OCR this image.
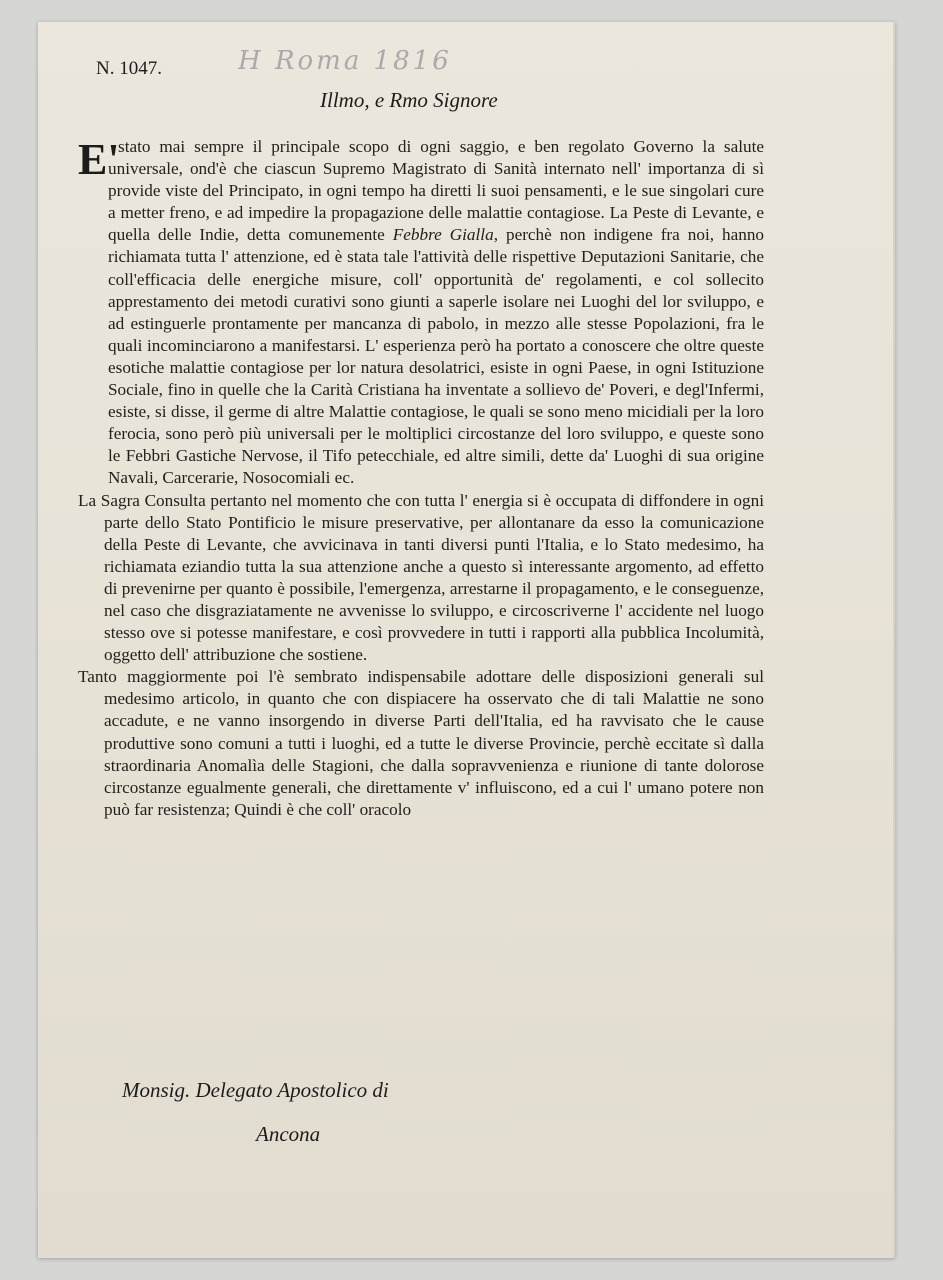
N. 1047.	H Roma 1816
Illmo, e Rmo Signore
E'

stato mai sempre il principale scopo di ogni saggio, e ben regolato Governo la salute universale, ond'è che ciascun Supremo Magistrato di Sanità internato nell' importanza di sì provide viste del Principato, in ogni tempo ha diretti li suoi pensamenti, e le sue singolari cure a metter freno, e ad impedire la propagazione delle malattie contagiose. La Peste di Levante, e quella delle Indie, detta comunemente Febbre Gialla, perchè non indigene fra noi, hanno richiamata tutta l' attenzione, ed è stata tale l'attività delle rispettive Deputazioni Sanitarie, che coll'efficacia delle energiche misure, coll' opportunità de' regolamenti, e col sollecito apprestamento dei metodi curativi sono giunti a saperle isolare nei Luoghi del lor sviluppo, e ad estinguerle prontamente per mancanza di pabolo, in mezzo alle stesse Popolazioni, fra le quali incominciarono a manifestarsi. L' esperienza però ha portato a conoscere che oltre queste esotiche malattie contagiose per lor natura desolatrici, esiste in ogni Paese, in ogni Istituzione Sociale, fino in quelle che la Carità Cristiana ha inventate a sollievo de' Poveri, e degl'Infermi, esiste, si disse, il germe di altre Malattie contagiose, le quali se sono meno micidiali per la loro ferocia, sono però più universali per le moltiplici circostanze del loro sviluppo, e queste sono le Febbri Gastiche Nervose, il Tifo petecchiale, ed altre simili, dette da' Luoghi di sua origine Navali, Carcerarie, Nosocomiali ec.

La Sagra Consulta pertanto nel momento che con tutta l' energia si è occupata di diffondere in ogni parte dello Stato Pontificio le misure preservative, per allontanare da esso la comunicazione della Peste di Levante, che avvicinava in tanti diversi punti l'Italia, e lo Stato medesimo, ha richiamata eziandio tutta la sua attenzione anche a questo sì interessante argomento, ad effetto di prevenirne per quanto è possibile, l'emergenza, arrestarne il propagamento, e le conseguenze, nel caso che disgraziatamente ne avvenisse lo sviluppo, e circoscriverne l' accidente nel luogo stesso ove si potesse manifestare, e così provvedere in tutti i rapporti alla pubblica Incolumità, oggetto dell' attribuzione che sostiene.

Tanto maggiormente poi l'è sembrato indispensabile adottare delle disposizioni generali sul medesimo articolo, in quanto che con dispiacere ha osservato che di tali Malattie ne sono accadute, e ne vanno insorgendo in diverse Parti dell'Italia, ed ha ravvisato che le cause produttive sono comuni a tutti i luoghi, ed a tutte le diverse Provincie, perchè eccitate sì dalla straordinaria Anomalìa delle Stagioni, che dalla sopravvenienza e riunione di tante dolorose circostanze egualmente generali, che direttamente v' influiscono, ed a cui l' umano potere non può far resistenza; Quindi è che coll' oracolo

Monsig. Delegato Apostolico di
Ancona
